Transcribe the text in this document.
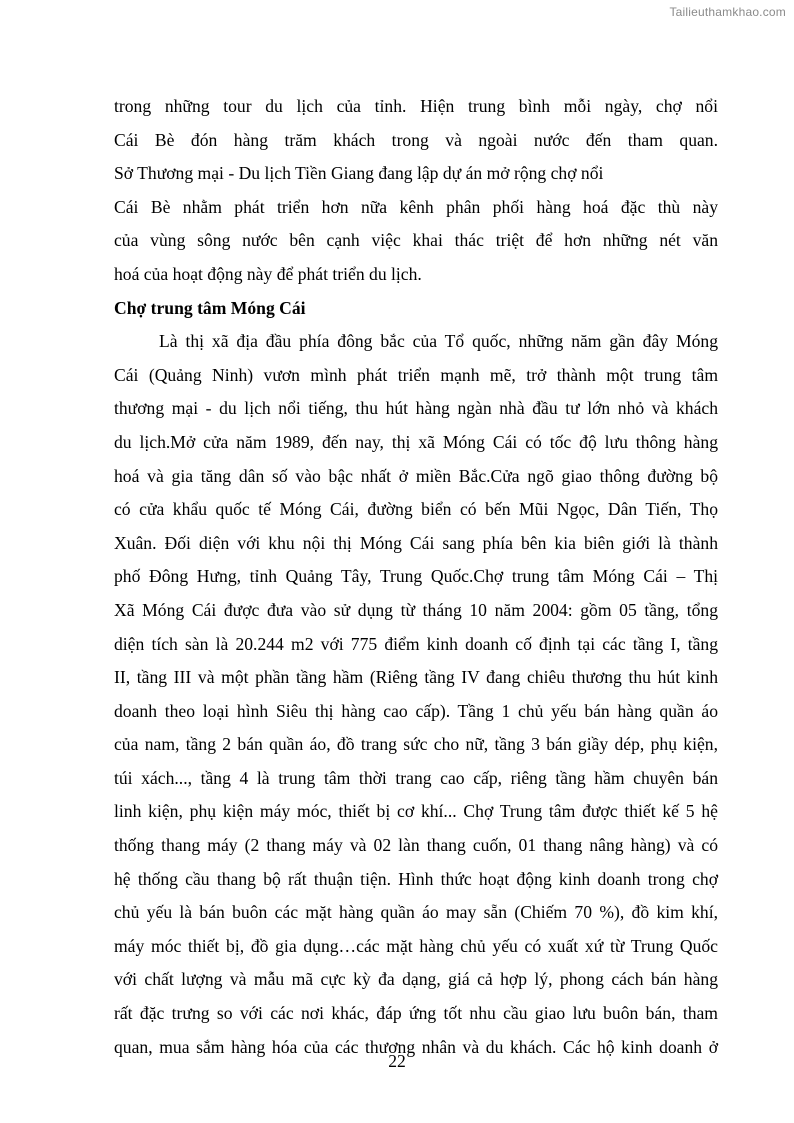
Tailieuthamkhao.com
trong những tour du lịch của tỉnh. Hiện trung bình mỗi ngày, chợ nổi
Cái Bè đón hàng trăm khách trong và ngoài nước đến tham quan.
Sở Thương mại - Du lịch Tiền Giang đang lập dự án mở rộng chợ nổi
Cái Bè nhằm phát triển hơn nữa kênh phân phối hàng hoá đặc thù này
của vùng sông nước bên cạnh việc khai thác triệt để hơn những nét văn
hoá của hoạt động này để phát triển du lịch.
Chợ trung tâm Móng Cái
Là thị xã địa đầu phía đông bắc của Tổ quốc, những năm gần đây Móng
Cái (Quảng Ninh) vươn mình phát triển mạnh mẽ, trở thành một trung tâm
thương mại - du lịch nổi tiếng, thu hút hàng ngàn nhà đầu tư lớn nhỏ và khách
du lịch.Mở cửa năm 1989, đến nay, thị xã Móng Cái có tốc độ lưu thông hàng
hoá và gia tăng dân số vào bậc nhất ở miền Bắc.Cửa ngõ giao thông đường bộ
có cửa khẩu quốc tế Móng Cái, đường biển có bến Mũi Ngọc, Dân Tiến, Thọ
Xuân. Đối diện với khu nội thị Móng Cái sang phía bên kia biên giới là thành
phố Đông Hưng, tỉnh Quảng Tây, Trung Quốc.Chợ trung tâm Móng Cái – Thị
Xã Móng Cái được đưa vào sử dụng từ tháng 10 năm 2004: gồm 05 tầng, tổng
diện tích sàn là 20.244 m2 với 775 điểm kinh doanh cố định tại các tầng I, tầng
II, tầng III và một phần tầng hầm (Riêng tầng IV đang chiêu thương thu hút kinh
doanh theo loại hình Siêu thị hàng cao cấp). Tầng 1 chủ yếu bán hàng quần áo
của nam, tầng 2 bán quần áo, đồ trang sức cho nữ, tầng 3 bán giầy dép, phụ kiện,
túi xách..., tầng 4 là trung tâm thời trang cao cấp, riêng tầng hầm chuyên bán
linh kiện, phụ kiện máy móc, thiết bị cơ khí... Chợ Trung tâm được thiết kế 5 hệ
thống thang máy (2 thang máy và 02 làn thang cuốn, 01 thang nâng hàng) và có
hệ thống cầu thang bộ rất thuận tiện. Hình thức hoạt động kinh doanh trong chợ
chủ yếu là bán buôn các mặt hàng quần áo may sẵn (Chiếm 70 %), đồ kim khí,
máy móc thiết bị, đồ gia dụng…các mặt hàng chủ yếu có xuất xứ từ Trung Quốc
với chất lượng và mẫu mã cực kỳ đa dạng, giá cả hợp lý, phong cách bán hàng
rất đặc trưng so với các nơi khác, đáp ứng tốt nhu cầu giao lưu buôn bán, tham
quan, mua sắm hàng hóa của các thương nhân và du khách. Các hộ kinh doanh ở
22
